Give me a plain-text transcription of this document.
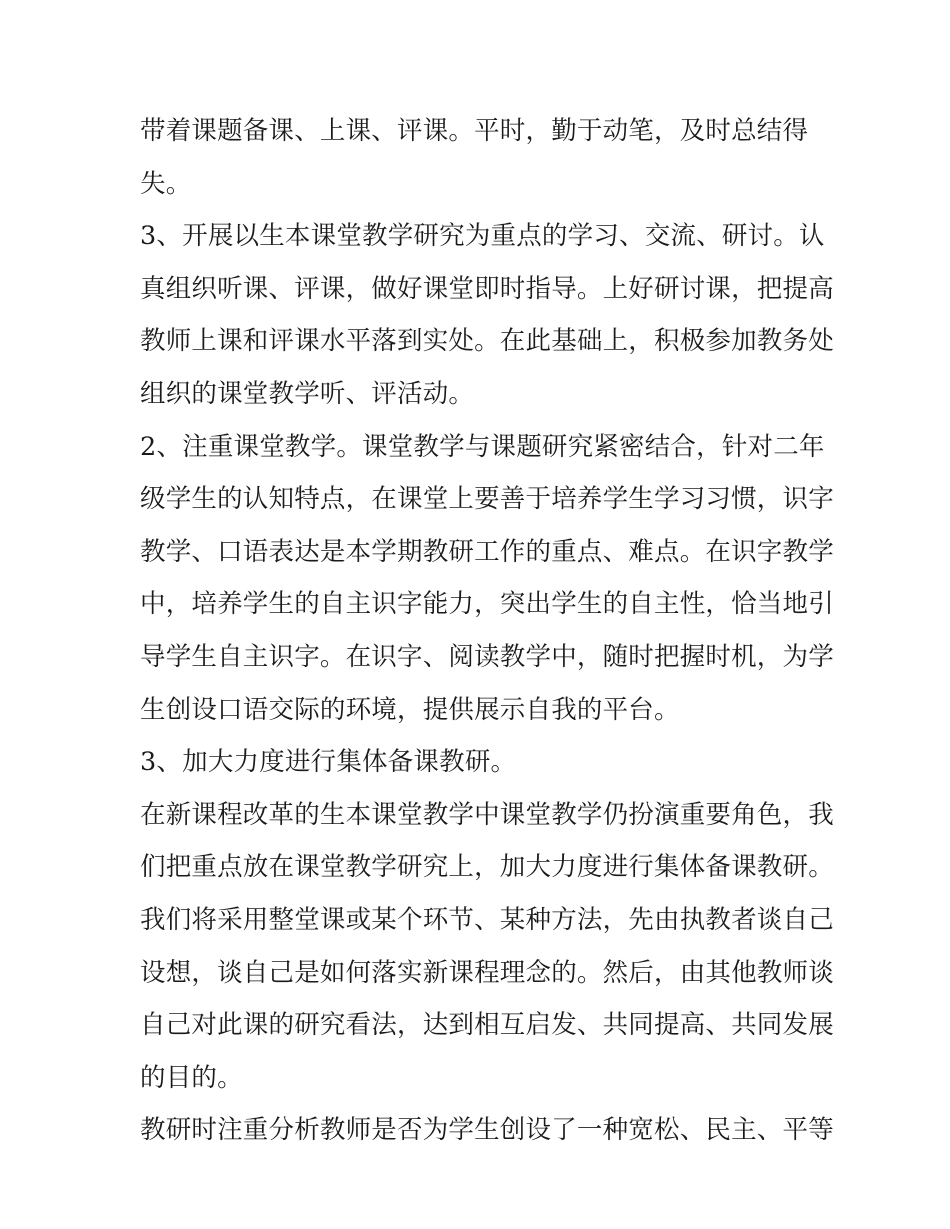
带着课题备课、上课、评课。平时，勤于动笔，及时总结得
失。
3、开展以生本课堂教学研究为重点的学习、交流、研讨。认
真组织听课、评课，做好课堂即时指导。上好研讨课，把提高
教师上课和评课水平落到实处。在此基础上，积极参加教务处
组织的课堂教学听、评活动。
2、注重课堂教学。课堂教学与课题研究紧密结合，针对二年
级学生的认知特点，在课堂上要善于培养学生学习习惯，识字
教学、口语表达是本学期教研工作的重点、难点。在识字教学
中，培养学生的自主识字能力，突出学生的自主性，恰当地引
导学生自主识字。在识字、阅读教学中，随时把握时机，为学
生创设口语交际的环境，提供展示自我的平台。
3、加大力度进行集体备课教研。
在新课程改革的生本课堂教学中课堂教学仍扮演重要角色，我
们把重点放在课堂教学研究上，加大力度进行集体备课教研。
我们将采用整堂课或某个环节、某种方法，先由执教者谈自己
设想，谈自己是如何落实新课程理念的。然后，由其他教师谈
自己对此课的研究看法，达到相互启发、共同提高、共同发展
的目的。
教研时注重分析教师是否为学生创设了一种宽松、民主、平等
